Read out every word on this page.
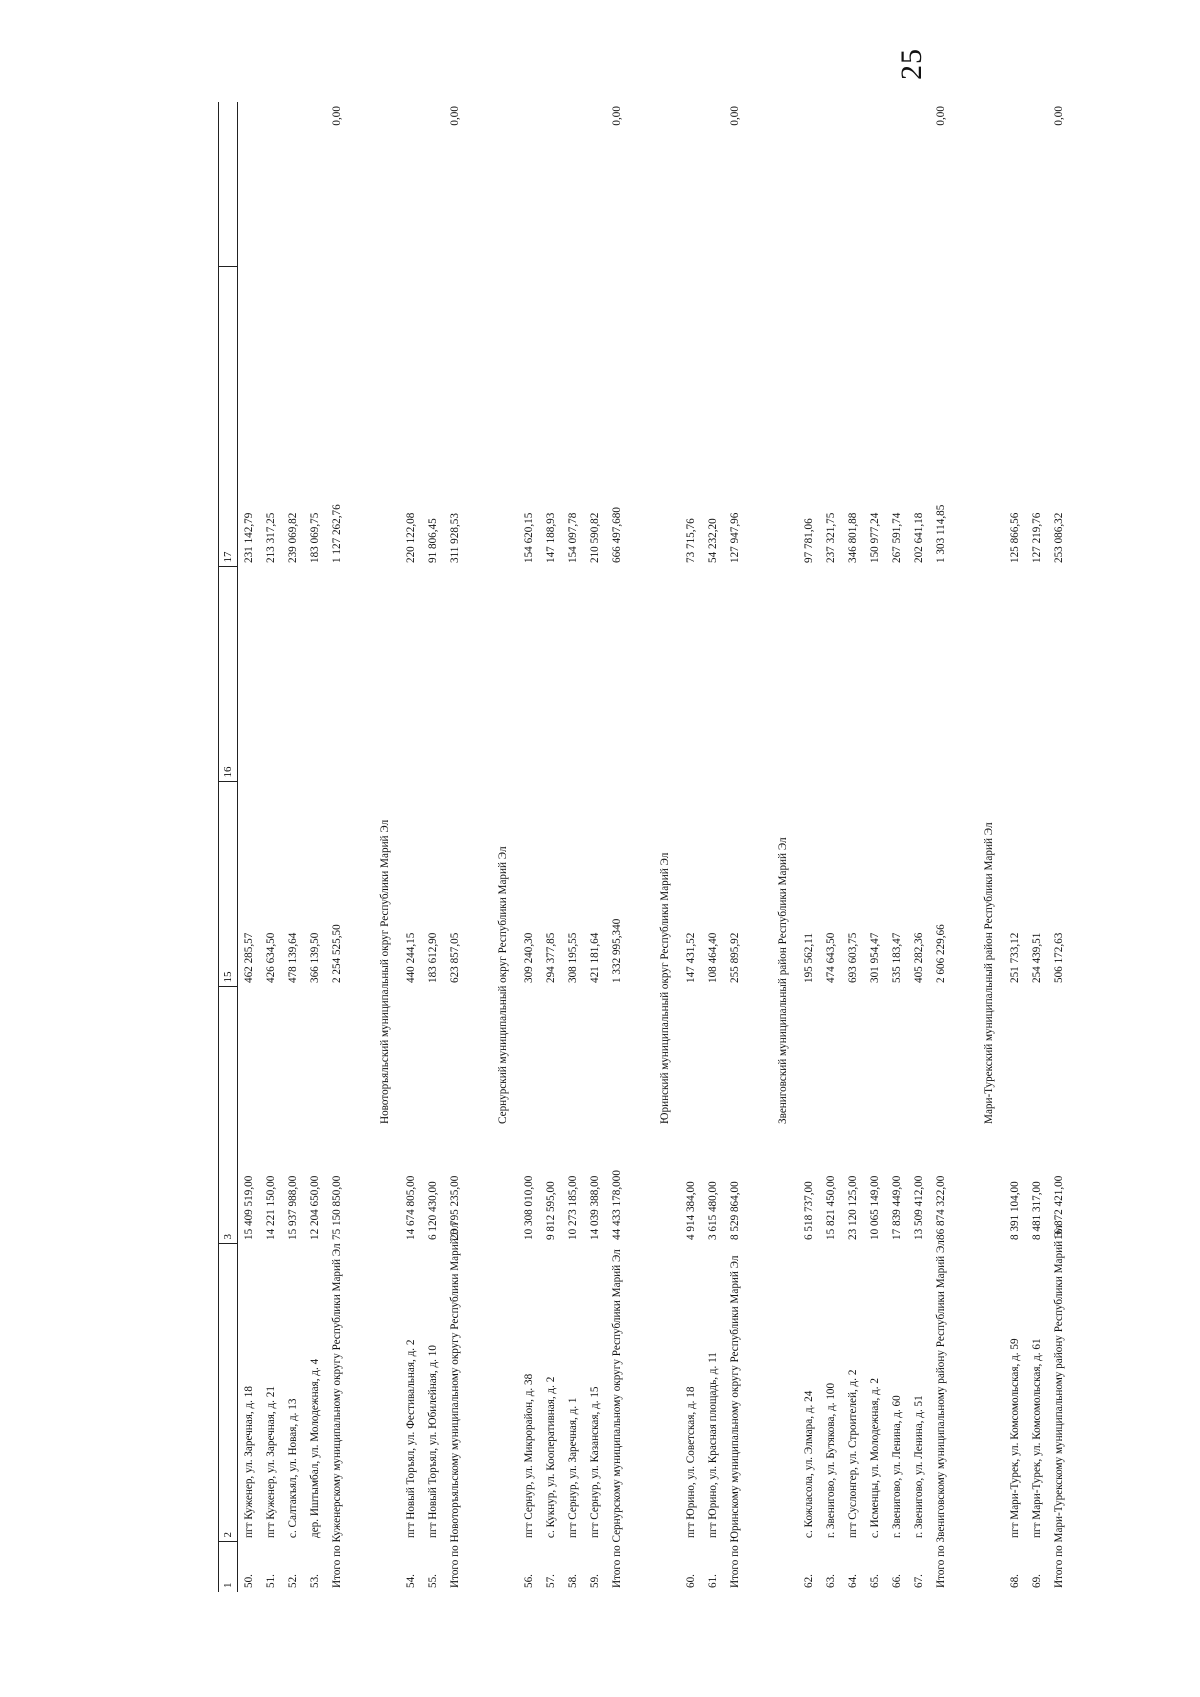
25
1	2	3	15	16	17	
50.	пгт Куженер, ул. Заречная, д. 18	15 409 519,00	462 285,57		231 142,79	
51.	пгт Куженер, ул. Заречная, д. 21	14 221 150,00	426 634,50		213 317,25	
52.	с. Салтакъял, ул. Новая, д. 13	15 937 988,00	478 139,64		239 069,82	
53.	дер. Иштымбал, ул. Молодежная, д. 4	12 204 650,00	366 139,50		183 069,75	
Итого по Куженерскому муниципальному округу Республики Марий Эл		75 150 850,00	2 254 525,50		1 127 262,76	0,00

		Новоторъяльский муниципальный округ Республики Марий Эл				
54.	пгт Новый Торъял, ул. Фестивальная, д. 2	14 674 805,00	440 244,15		220 122,08	
55.	пгт Новый Торъял, ул. Юбилейная, д. 10	6 120 430,00	183 612,90		91 806,45	
Итого по Новоторъяльскому муниципальному округу Республики Марий Эл		20 795 235,00	623 857,05		311 928,53	0,00

		Сернурский муниципальный округ Республики Марий Эл				
56.	пгт Сернур, ул. Микрорайон, д. 38	10 308 010,00	309 240,30		154 620,15	
57.	с. Кукнур, ул. Кооперативная, д. 2	9 812 595,00	294 377,85		147 188,93	
58.	пгт Сернур, ул. Заречная, д. 1	10 273 185,00	308 195,55		154 097,78	
59.	пгт Сернур, ул. Казанская, д. 15	14 039 388,00	421 181,64		210 590,82	
Итого по Сернурскому муниципальному округу Республики Марий Эл		44 433 178,000	1 332 995,340		666 497,680	0,00

		Юринский муниципальный округ Республики Марий Эл				
60.	пгт Юрино, ул. Советская, д. 18	4 914 384,00	147 431,52		73 715,76	
61.	пгт Юрино, ул. Красная площадь, д. 11	3 615 480,00	108 464,40		54 232,20	
Итого по Юринскому муниципальному округу Республики Марий Эл		8 529 864,00	255 895,92		127 947,96	0,00

		Звениговский муниципальный район Республики Марий Эл				
62.	с. Кожласола, ул. Элмара, д. 24	6 518 737,00	195 562,11		97 781,06	
63.	г. Звенигово, ул. Бутякова, д. 100	15 821 450,00	474 643,50		237 321,75	
64.	пгт Суслонгер, ул. Строителей, д. 2	23 120 125,00	693 603,75		346 801,88	
65.	с. Исменцы, ул. Молодежная, д. 2	10 065 149,00	301 954,47		150 977,24	
66.	г. Звенигово, ул. Ленина, д. 60	17 839 449,00	535 183,47		267 591,74	
67.	г. Звенигово, ул. Ленина, д. 51	13 509 412,00	405 282,36		202 641,18	
Итого по Звениговскому муниципальному району Республики Марий Эл		86 874 322,00	2 606 229,66		1 303 114,85	0,00

		Мари-Турекский муниципальный район Республики Марий Эл				
68.	пгт Мари-Турек, ул. Комсомольская, д. 59	8 391 104,00	251 733,12		125 866,56	
69.	пгт Мари-Турек, ул. Комсомольская, д. 61	8 481 317,00	254 439,51		127 219,76	
Итого по Мари-Турекскому муниципальному району Республики Марий Эл		16 872 421,00	506 172,63		253 086,32	0,00
